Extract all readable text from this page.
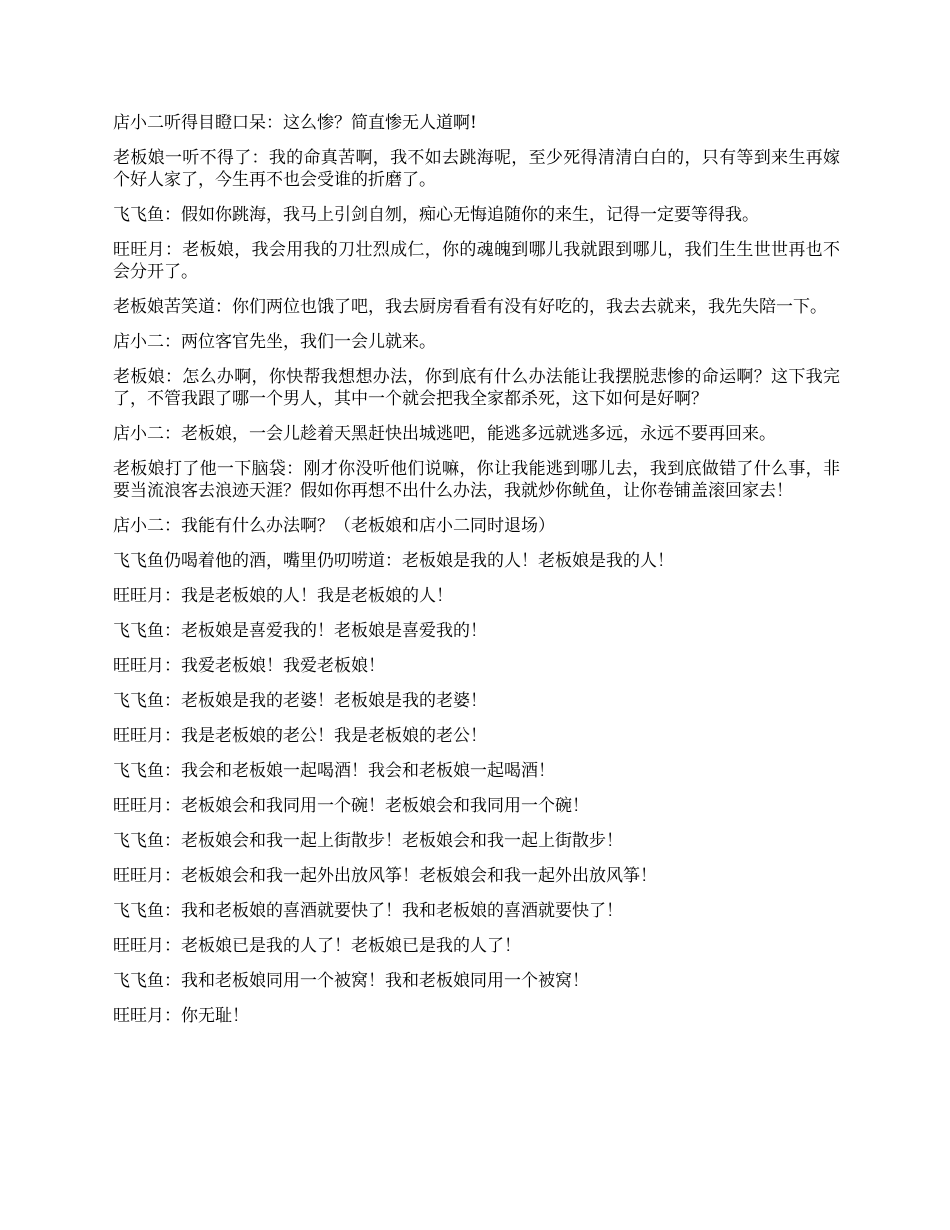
店小二听得目瞪口呆：这么惨？简直惨无人道啊!

老板娘一听不得了：我的命真苦啊，我不如去跳海呢，至少死得清清白白的，只有等到来生再嫁个好人家了，今生再不也会受谁的折磨了。

飞飞鱼：假如你跳海，我马上引剑自刎，痴心无悔追随你的来生，记得一定要等得我。

旺旺月：老板娘，我会用我的刀壮烈成仁，你的魂魄到哪儿我就跟到哪儿，我们生生世世再也不会分开了。

老板娘苦笑道：你们两位也饿了吧，我去厨房看看有没有好吃的，我去去就来，我先失陪一下。

店小二：两位客官先坐，我们一会儿就来。

老板娘：怎么办啊，你快帮我想想办法，你到底有什么办法能让我摆脱悲惨的命运啊？这下我完了，不管我跟了哪一个男人，其中一个就会把我全家都杀死，这下如何是好啊？

店小二：老板娘，一会儿趁着天黑赶快出城逃吧，能逃多远就逃多远，永远不要再回来。

老板娘打了他一下脑袋：刚才你没听他们说嘛，你让我能逃到哪儿去，我到底做错了什么事，非要当流浪客去浪迹天涯？假如你再想不出什么办法，我就炒你鱿鱼，让你卷铺盖滚回家去！

店小二：我能有什么办法啊？（老板娘和店小二同时退场）

飞飞鱼仍喝着他的酒，嘴里仍叨唠道：老板娘是我的人！老板娘是我的人！

旺旺月：我是老板娘的人！我是老板娘的人！

飞飞鱼：老板娘是喜爱我的！老板娘是喜爱我的！

旺旺月：我爱老板娘！我爱老板娘！

飞飞鱼：老板娘是我的老婆！老板娘是我的老婆！

旺旺月：我是老板娘的老公！我是老板娘的老公！

飞飞鱼：我会和老板娘一起喝酒！我会和老板娘一起喝酒！

旺旺月：老板娘会和我同用一个碗！老板娘会和我同用一个碗！

飞飞鱼：老板娘会和我一起上街散步！老板娘会和我一起上街散步！

旺旺月：老板娘会和我一起外出放风筝！老板娘会和我一起外出放风筝！

飞飞鱼：我和老板娘的喜酒就要快了！我和老板娘的喜酒就要快了！

旺旺月：老板娘已是我的人了！老板娘已是我的人了！

飞飞鱼：我和老板娘同用一个被窝！我和老板娘同用一个被窝！

旺旺月：你无耻！
